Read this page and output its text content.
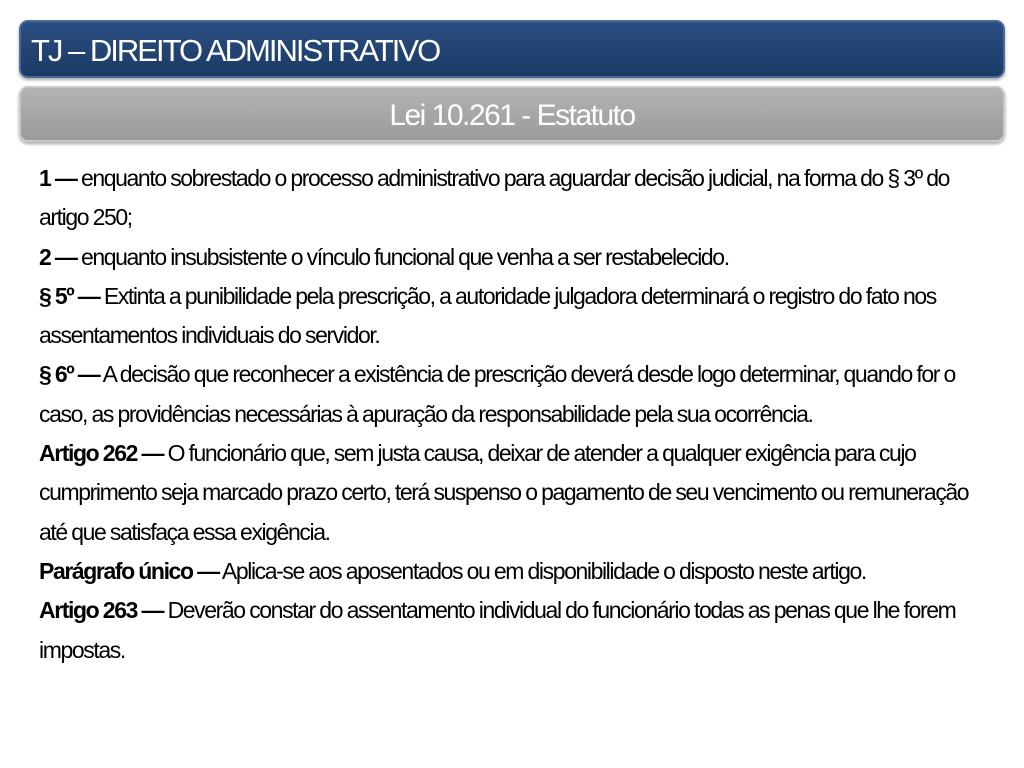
TJ – DIREITO ADMINISTRATIVO
Lei 10.261 - Estatuto

1 — enquanto sobrestado o processo administrativo para aguardar decisão judicial, na forma do § 3º do artigo 250;

2 — enquanto insubsistente o vínculo funcional que venha a ser restabelecido.

§ 5º — Extinta a punibilidade pela prescrição, a autoridade julgadora determinará o registro do fato nos assentamentos individuais do servidor.

§ 6º — A decisão que reconhecer a existência de prescrição deverá desde logo determinar, quando for o caso, as providências necessárias à apuração da responsabilidade pela sua ocorrência.

Artigo 262 — O funcionário que, sem justa causa, deixar de atender a qualquer exigência para cujo cumprimento seja marcado prazo certo, terá suspenso o pagamento de seu vencimento ou remuneração até que satisfaça essa exigência.

Parágrafo único — Aplica-se aos aposentados ou em disponibilidade o disposto neste artigo.

Artigo 263 — Deverão constar do assentamento individual do funcionário todas as penas que lhe forem impostas.
